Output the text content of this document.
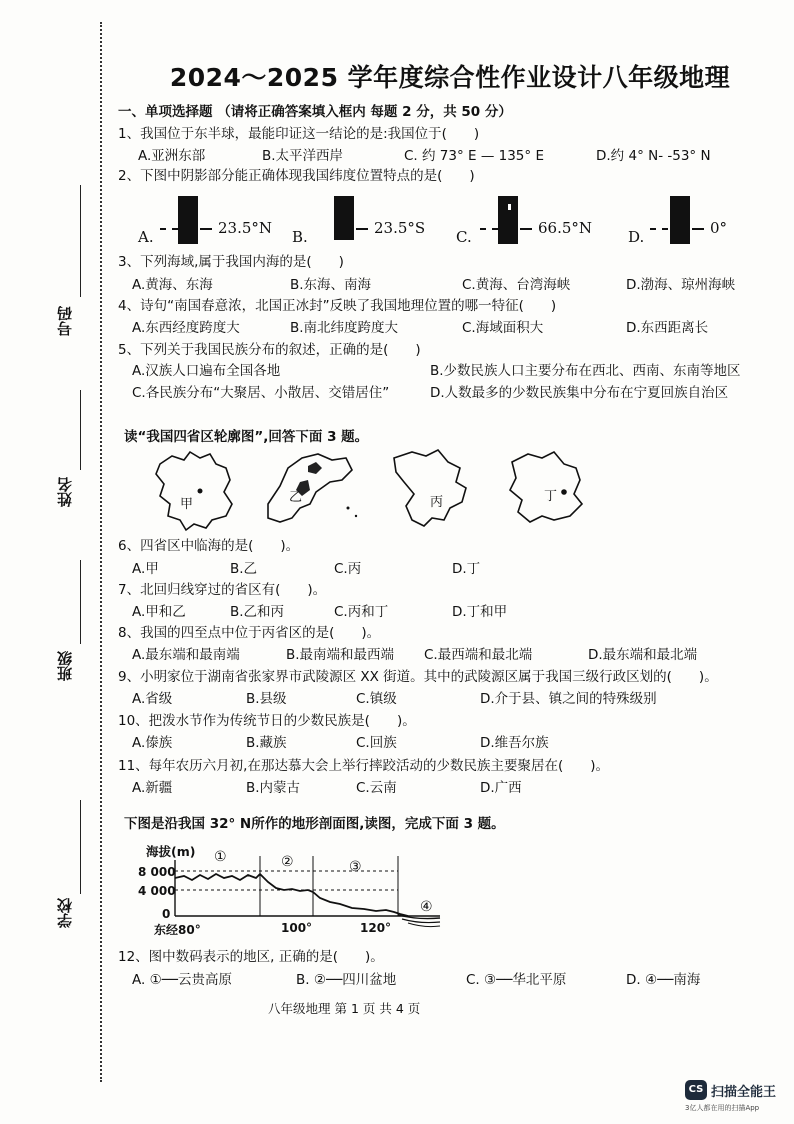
学校
班级
姓名
号码
2024～2025 学年度综合性作业设计八年级地理
一、单项选择题 （请将正确答案填入框内 每题 2 分，共 50 分）
1、我国位于东半球，最能印证这一结论的是:我国位于(　　)
A.亚洲东部	B.太平洋西岸	C. 约 73° E — 135° E	D.约 4° N- -53° N
2、下图中阴影部分能正确体现我国纬度位置特点的是(　　)
A.	23.5°N B.	23.5°S C.	66.5°N D.	0°
3、下列海域,属于我国内海的是(　　)
A.黄海、东海	B.东海、南海	C.黄海、台湾海峡	D.渤海、琼州海峡
4、诗句“南国春意浓，北国正冰封”反映了我国地理位置的哪一特征(　　)
A.东西经度跨度大	B.南北纬度跨度大	C.海域面积大	D.东西距离长
5、下列关于我国民族分布的叙述，正确的是(　　)
A.汉族人口遍布全国各地	B.少数民族人口主要分布在西北、西南、东南等地区
C.各民族分布“大聚居、小散居、交错居住”	D.人数最多的少数民族集中分布在宁夏回族自治区
读“我国四省区轮廓图”,回答下面 3 题。
甲	乙	丙	丁
6、四省区中临海的是(　　)。
A.甲	B.乙	C.丙	D.丁
7、北回归线穿过的省区有(　　)。
A.甲和乙	B.乙和丙	C.丙和丁	D.丁和甲
8、我国的四至点中位于丙省区的是(　　)。
A.最东端和最南端	B.最南端和最西端 C.最西端和最北端	D.最东端和最北端
9、小明家位于湖南省张家界市武陵源区 XX 街道。其中的武陵源区属于我国三级行政区划的(　　)。
A.省级	B.县级	C.镇级	D.介于县、镇之间的特殊级别
10、把泼水节作为传统节日的少数民族是(　　)。
A.傣族	B.藏族	C.回族	D.维吾尔族
11、每年农历六月初,在那达慕大会上举行摔跤活动的少数民族主要聚居在(　　)。
A.新疆	B.内蒙古	C.云南	D.广西
下图是沿我国 32° N所作的地形剖面图,读图，完成下面 3 题。
海拔(m)
8 000
4 000
0
①	②	③
④
东经80°	100°	120°
12、图中数码表示的地区, 正确的是(　　)。
A. ①──云贵高原	B. ②──四川盆地	C. ③──华北平原	D. ④──南海
八年级地理 第 1 页 共 4 页
CS 扫描全能王
3亿人都在用的扫描App
